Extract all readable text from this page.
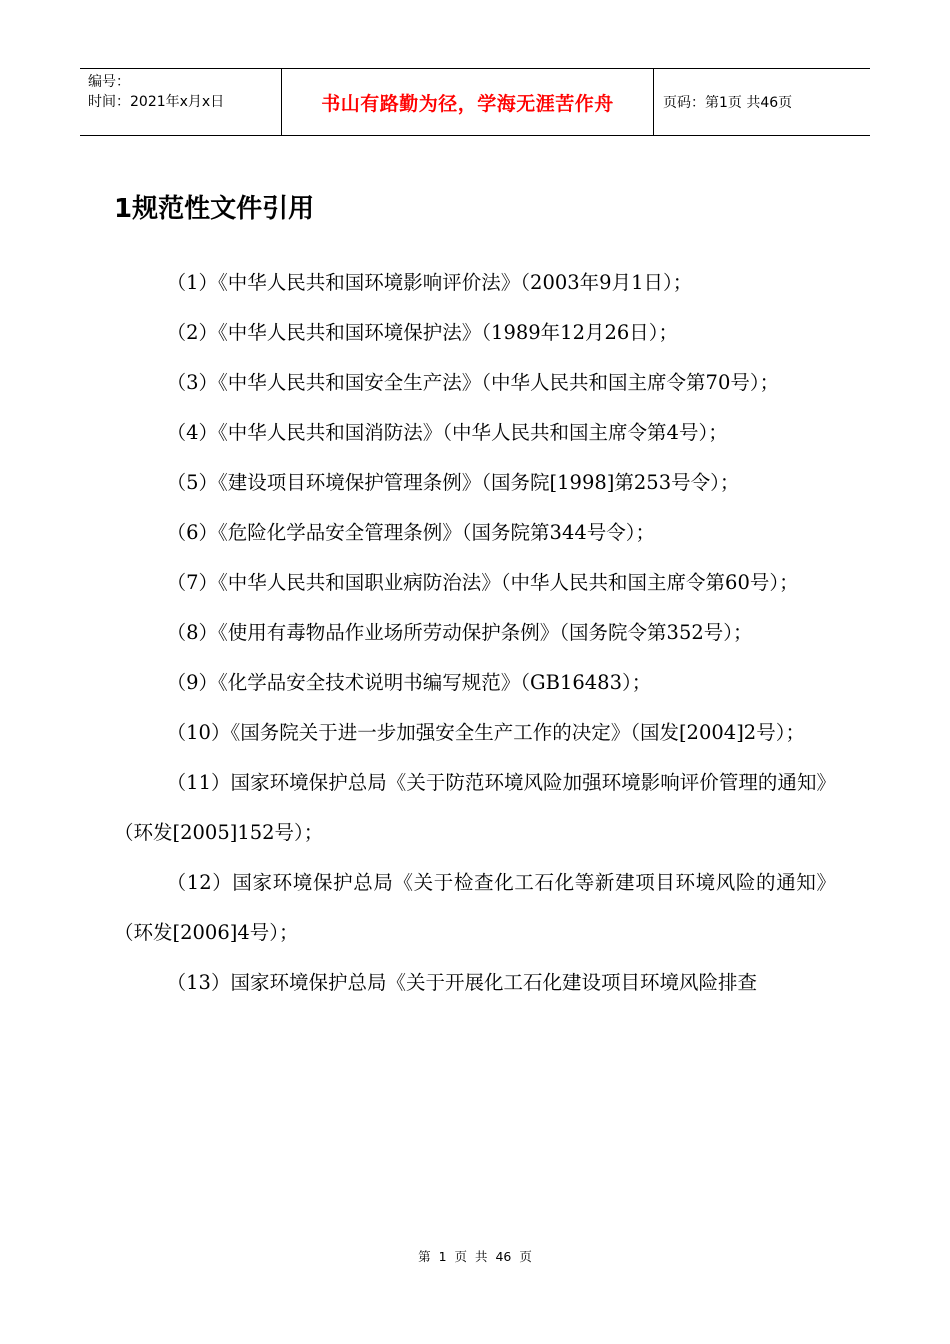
编号：
时间：2021年x月x日	书山有路勤为径，学海无涯苦作舟	页码：第1页 共46页
1规范性文件引用

（1）《中华人民共和国环境影响评价法》（2003年9月1日）；

（2）《中华人民共和国环境保护法》（1989年12月26日）；

（3）《中华人民共和国安全生产法》（中华人民共和国主席令第70号）；

（4）《中华人民共和国消防法》（中华人民共和国主席令第4号）；

（5）《建设项目环境保护管理条例》（国务院[1998]第253号令）；

（6）《危险化学品安全管理条例》（国务院第344号令）；

（7）《中华人民共和国职业病防治法》（中华人民共和国主席令第60号）；

（8）《使用有毒物品作业场所劳动保护条例》（国务院令第352号）；

（9）《化学品安全技术说明书编写规范》（GB16483）；

（10）《国务院关于进一步加强安全生产工作的决定》（国发[2004]2号）；

（11）国家环境保护总局《关于防范环境风险加强环境影响评价管理的通知》（环发[2005]152号）；

（12）国家环境保护总局《关于检查化工石化等新建项目环境风险的通知》（环发[2006]4号）；

（13）国家环境保护总局《关于开展化工石化建设项目环境风险排查

第 1 页 共 46 页
